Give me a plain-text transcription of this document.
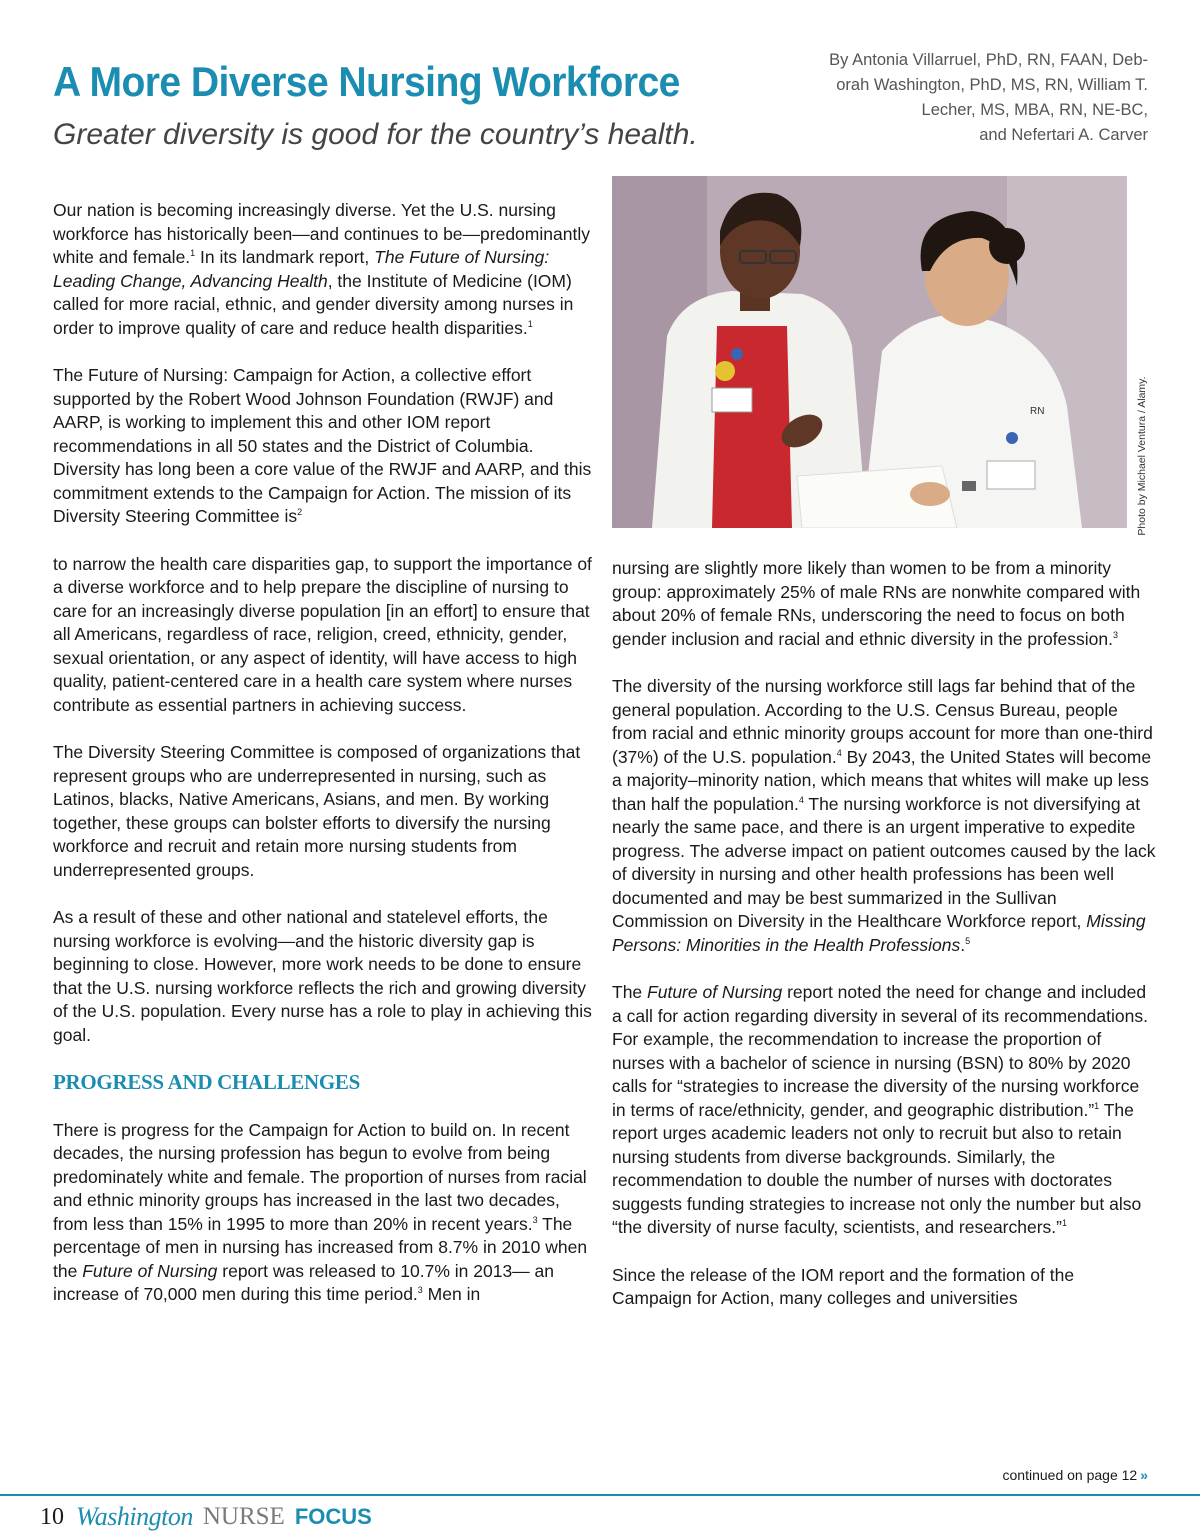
A More Diverse Nursing Workforce
Greater diversity is good for the country’s health.
By Antonia Villarruel, PhD, RN, FAAN, Deb-
orah Washington, PhD, MS, RN, William T.
Lecher, MS, MBA, RN, NE-BC,
and Nefertari A. Carver

Our nation is becoming increasingly diverse. Yet the U.S. nursing workforce has historically been—and continues to be—predominantly white and female.$^1$ In its landmark report, The Future of Nursing: Leading Change, Advancing Health, the Institute of Medicine (IOM) called for more racial, ethnic, and gender diversity among nurses in order to improve quality of care and reduce health disparities.$^1$

The Future of Nursing: Campaign for Action, a collective effort supported by the Robert Wood Johnson Foundation (RWJF) and AARP, is working to implement this and other IOM report recommendations in all 50 states and the District of Columbia. Diversity has long been a core value of the RWJF and AARP, and this commitment extends to the Campaign for Action. The mission of its Diversity Steering Committee $is^2$

to narrow the health care disparities gap, to support the importance of a diverse workforce and to help prepare the discipline of nursing to care for an increasingly diverse population [in an effort] to ensure that all Americans, regardless of race, religion, creed, ethnicity, gender, sexual orientation, or any aspect of identity, will have access to high quality, patient-centered care in a health care system where nurses contribute as essential partners in achieving success.

The Diversity Steering Committee is composed of organizations that represent groups who are underrepresented in nursing, such as Latinos, blacks, Native Americans, Asians, and men. By working together, these groups can bolster efforts to diversify the nursing workforce and recruit and retain more nursing students from underrepresented groups.

As a result of these and other national and statelevel efforts, the nursing workforce is evolving—and the historic diversity gap is beginning to close. However, more work needs to be done to ensure that the U.S. nursing workforce reflects the rich and growing diversity of the U.S. population. Every nurse has a role to play in achieving this goal.

PROGRESS AND CHALLENGES

There is progress for the Campaign for Action to build on. In recent decades, the nursing profession has begun to evolve from being predominately white and female. The proportion of nurses from racial and ethnic minority groups has increased in the last two decades, from less than 15% in 1995 to more than 20% in recent years.$^3$ The percentage of men in nursing has increased from 8.7% in 2010 when the Future of Nursing report was released to 10.7% in 2013— an increase of 70,000 men during this time period.$^3$ Men in

RN	Photo by Michael Ventura / Alamy.

nursing are slightly more likely than women to be from a minority group: approximately 25% of male RNs are nonwhite compared with about 20% of female RNs, underscoring the need to focus on both gender inclusion and racial and ethnic diversity in the profession.$^3$

The diversity of the nursing workforce still lags far behind that of the general population. According to the U.S. Census Bureau, people from racial and ethnic minority groups account for more than one-third (37%) of the U.S. population.$^4$ By 2043, the United States will become a majority–minority nation, which means that whites will make up less than half the population.$^4$ The nursing workforce is not diversifying at nearly the same pace, and there is an urgent imperative to expedite progress. The adverse impact on patient outcomes caused by the lack of diversity in nursing and other health professions has been well documented and may be best summarized in the Sullivan Commission on Diversity in the Healthcare Workforce report, Missing Persons: Minorities in the Health Professions.$^5$

The Future of Nursing report noted the need for change and included a call for action regarding diversity in several of its recommendations. For example, the recommendation to increase the proportion of nurses with a bachelor of science in nursing (BSN) to 80% by 2020 calls for “strategies to increase the diversity of the nursing workforce in terms of race/ethnicity, gender, and geographic distribution.”$^1$ The report urges academic leaders not only to recruit but also to retain nursing students from diverse backgrounds. Similarly, the recommendation to double the number of nurses with doctorates suggests funding strategies to increase not only the number but also “the diversity of nurse faculty, scientists, and researchers.”$^1$

Since the release of the IOM report and the formation of the Campaign for Action, many colleges and universities

continued on page 12 »
10 Washington NURSE FOCUS
